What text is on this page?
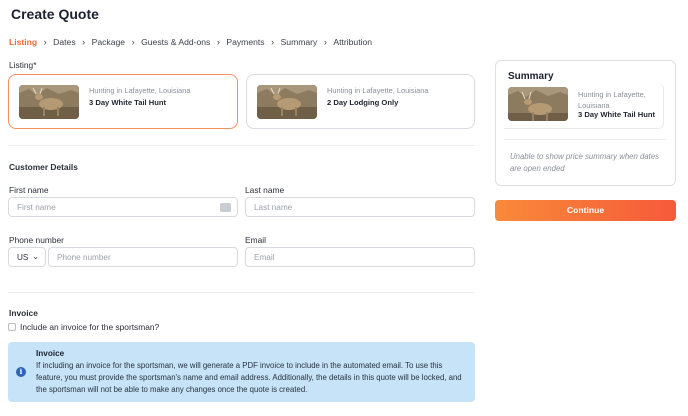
Create Quote
Listing › Dates › Package › Guests & Add-ons › Payments › Summary › Attribution
Listing*
Hunting in Lafayette, Louisiana
3 Day White Tail Hunt
Hunting in Lafayette, Louisiana
2 Day Lodging Only
Customer Details
First name
First name
Last name
Last name
Phone number
US ⌄ Phone number
Email
Email
Invoice
Include an invoice for the sportsman?
i
Invoice
If including an invoice for the sportsman, we will generate a PDF invoice to include in the automated email. To use this feature, you must provide the sportsman's name and email address. Additionally, the details in this quote will be locked, and the sportsman will not be able to make any changes once the quote is created.
Summary
Hunting in Lafayette, Louisiana
3 Day White Tail Hunt
Unable to show price summary when dates are open ended
Continue
